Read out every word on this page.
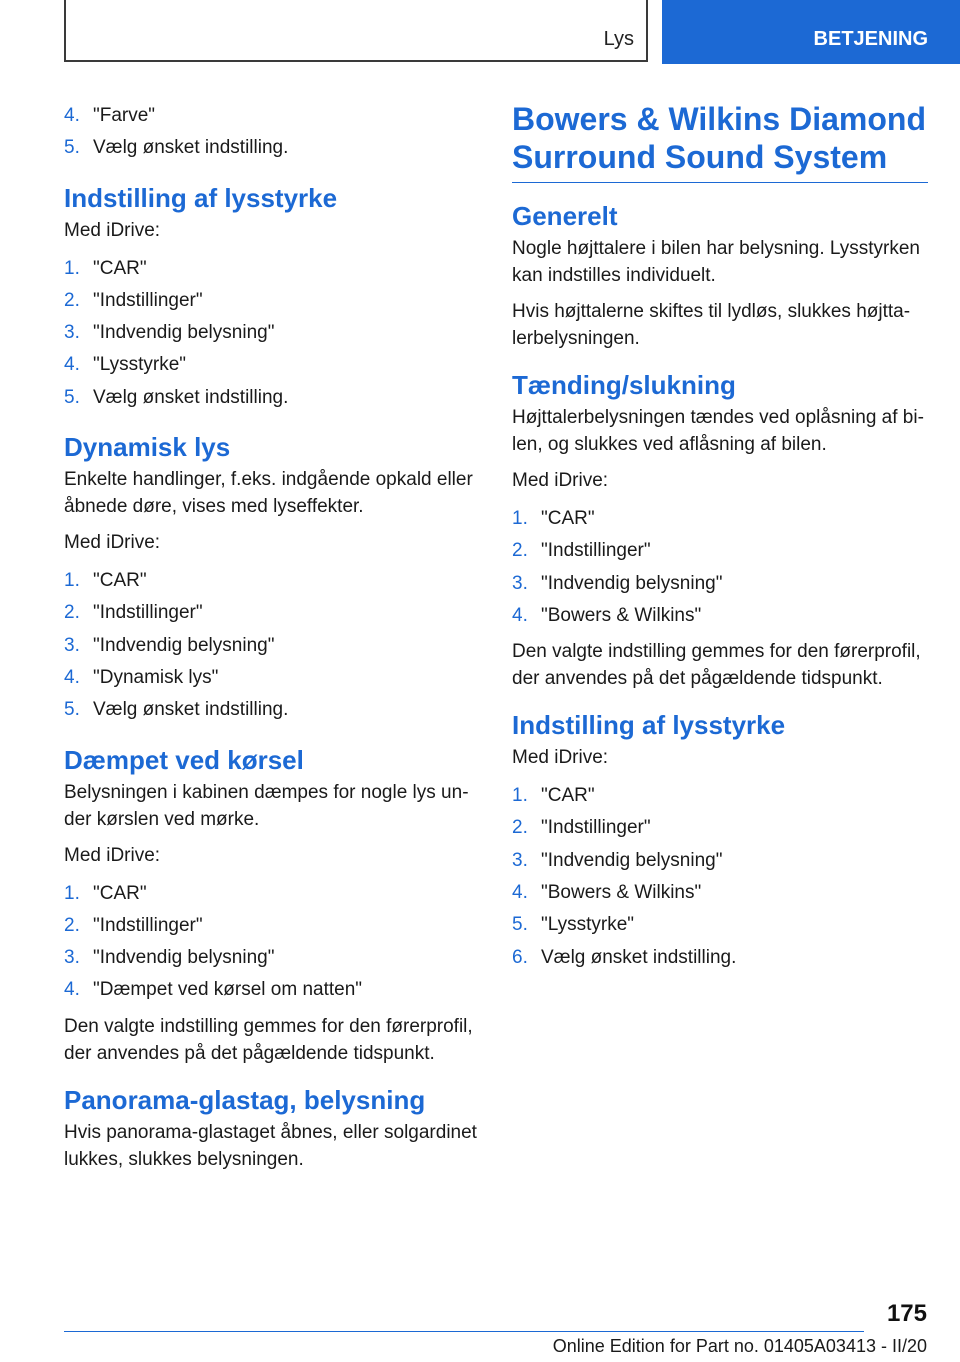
Lys	BETJENING
4. "Farve"
5. Vælg ønsket indstilling.
Indstilling af lysstyrke

Med iDrive:

1. "CAR"
2. "Indstillinger"
3. "Indvendig belysning"
4. "Lysstyrke"
5. Vælg ønsket indstilling.
Dynamisk lys

Enkelte handlinger, f.eks. indgående opkald eller åbnede døre, vises med lyseffekter.

Med iDrive:

1. "CAR"
2. "Indstillinger"
3. "Indvendig belysning"
4. "Dynamisk lys"
5. Vælg ønsket indstilling.
Dæmpet ved kørsel

Belysningen i kabinen dæmpes for nogle lys under kørslen ved mørke.

Med iDrive:

1. "CAR"
2. "Indstillinger"
3. "Indvendig belysning"
4. "Dæmpet ved kørsel om natten"

Den valgte indstilling gemmes for den førerprofil, der anvendes på det pågældende tidspunkt.

Panorama-glastag, belysning

Hvis panorama-glastaget åbnes, eller solgardinet lukkes, slukkes belysningen.

Bowers & Wilkins Diamond Surround Sound System
Generelt

Nogle højttalere i bilen har belysning. Lysstyrken kan indstilles individuelt.

Hvis højttalerne skiftes til lydløs, slukkes højttalerbelysningen.

Tænding/slukning

Højttalerbelysningen tændes ved oplåsning af bilen, og slukkes ved aflåsning af bilen.

Med iDrive:

1. "CAR"
2. "Indstillinger"
3. "Indvendig belysning"
4. "Bowers & Wilkins"

Den valgte indstilling gemmes for den førerprofil, der anvendes på det pågældende tidspunkt.

Indstilling af lysstyrke

Med iDrive:

1. "CAR"
2. "Indstillinger"
3. "Indvendig belysning"
4. "Bowers & Wilkins"
5. "Lysstyrke"
6. Vælg ønsket indstilling.
175
Online Edition for Part no. 01405A03413 - II/20
